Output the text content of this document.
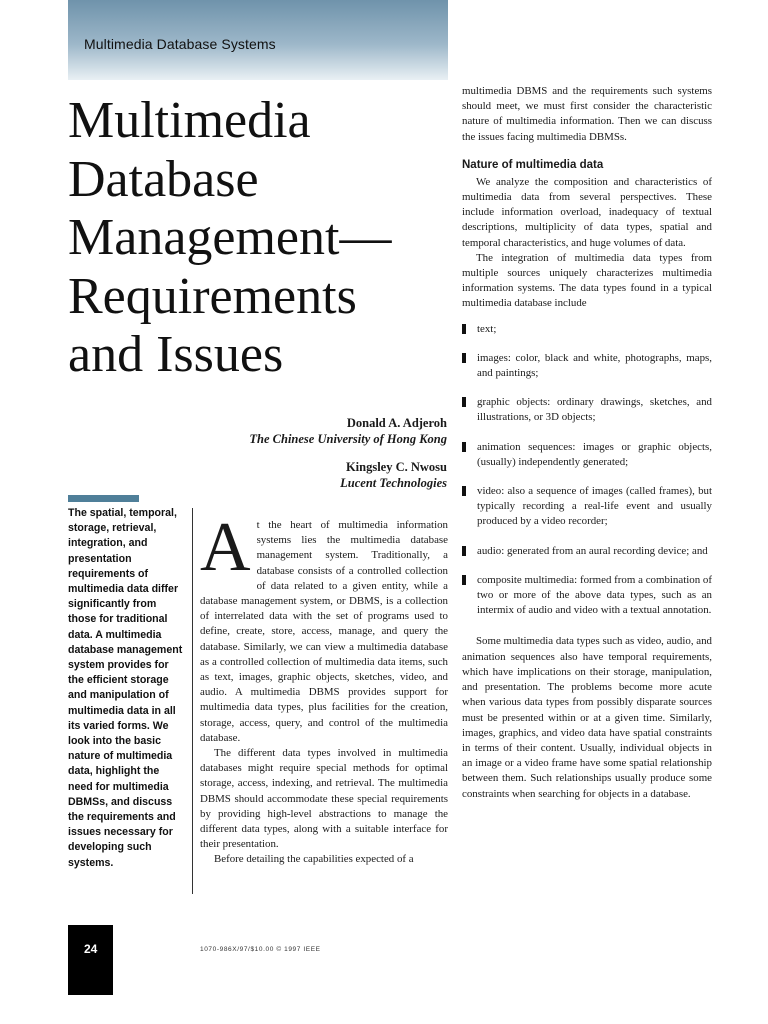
Multimedia Database Systems
Multimedia
Database
Management—
Requirements
and Issues
Donald A. Adjeroh
The Chinese University of Hong Kong
Kingsley C. Nwosu
Lucent Technologies

The spatial, temporal, storage, retrieval, integration, and presentation requirements of multimedia data differ significantly from those for traditional data. A multimedia database management system provides for the efficient storage and manipulation of multimedia data in all its varied forms. We look into the basic nature of multimedia data, highlight the need for multimedia DBMSs, and discuss the requirements and issues necessary for developing such systems.

A t the heart of multimedia information systems lies the multimedia database management system. Traditionally, a database consists of a controlled collection of data related to a given entity, while a database management system, or DBMS, is a collection of interrelated data with the set of programs used to define, create, store, access, manage, and query the database. Similarly, we can view a multimedia database as a controlled collection of multimedia data items, such as text, images, graphic objects, sketches, video, and audio. A multimedia DBMS provides support for multimedia data types, plus facilities for the creation, storage, access, query, and control of the multimedia database.

The different data types involved in multimedia databases might require special methods for optimal storage, access, indexing, and retrieval. The multimedia DBMS should accommodate these special requirements by providing high-level abstractions to manage the different data types, along with a suitable interface for their presentation.

Before detailing the capabilities expected of a

multimedia DBMS and the requirements such systems should meet, we must first consider the characteristic nature of multimedia information. Then we can discuss the issues facing multimedia DBMSs.

Nature of multimedia data

We analyze the composition and characteristics of multimedia data from several perspectives. These include information overload, inadequacy of textual descriptions, multiplicity of data types, spatial and temporal characteristics, and huge volumes of data.

The integration of multimedia data types from multiple sources uniquely characterizes multimedia information systems. The data types found in a typical multimedia database include

text;
images: color, black and white, photographs, maps, and paintings;
graphic objects: ordinary drawings, sketches, and illustrations, or 3D objects;
animation sequences: images or graphic objects, (usually) independently generated;
video: also a sequence of images (called frames), but typically recording a real-life event and usually produced by a video recorder;
audio: generated from an aural recording device; and
composite multimedia: formed from a combination of two or more of the above data types, such as an intermix of audio and video with a textual annotation.

Some multimedia data types such as video, audio, and animation sequences also have temporal requirements, which have implications on their storage, manipulation, and presentation. The problems become more acute when various data types from possibly disparate sources must be presented within or at a given time. Similarly, images, graphics, and video data have spatial constraints in terms of their content. Usually, individual objects in an image or a video frame have some spatial relationship between them. Such relationships usually produce some constraints when searching for objects in a database.

24	1070-986X/97/$10.00 © 1997 IEEE
